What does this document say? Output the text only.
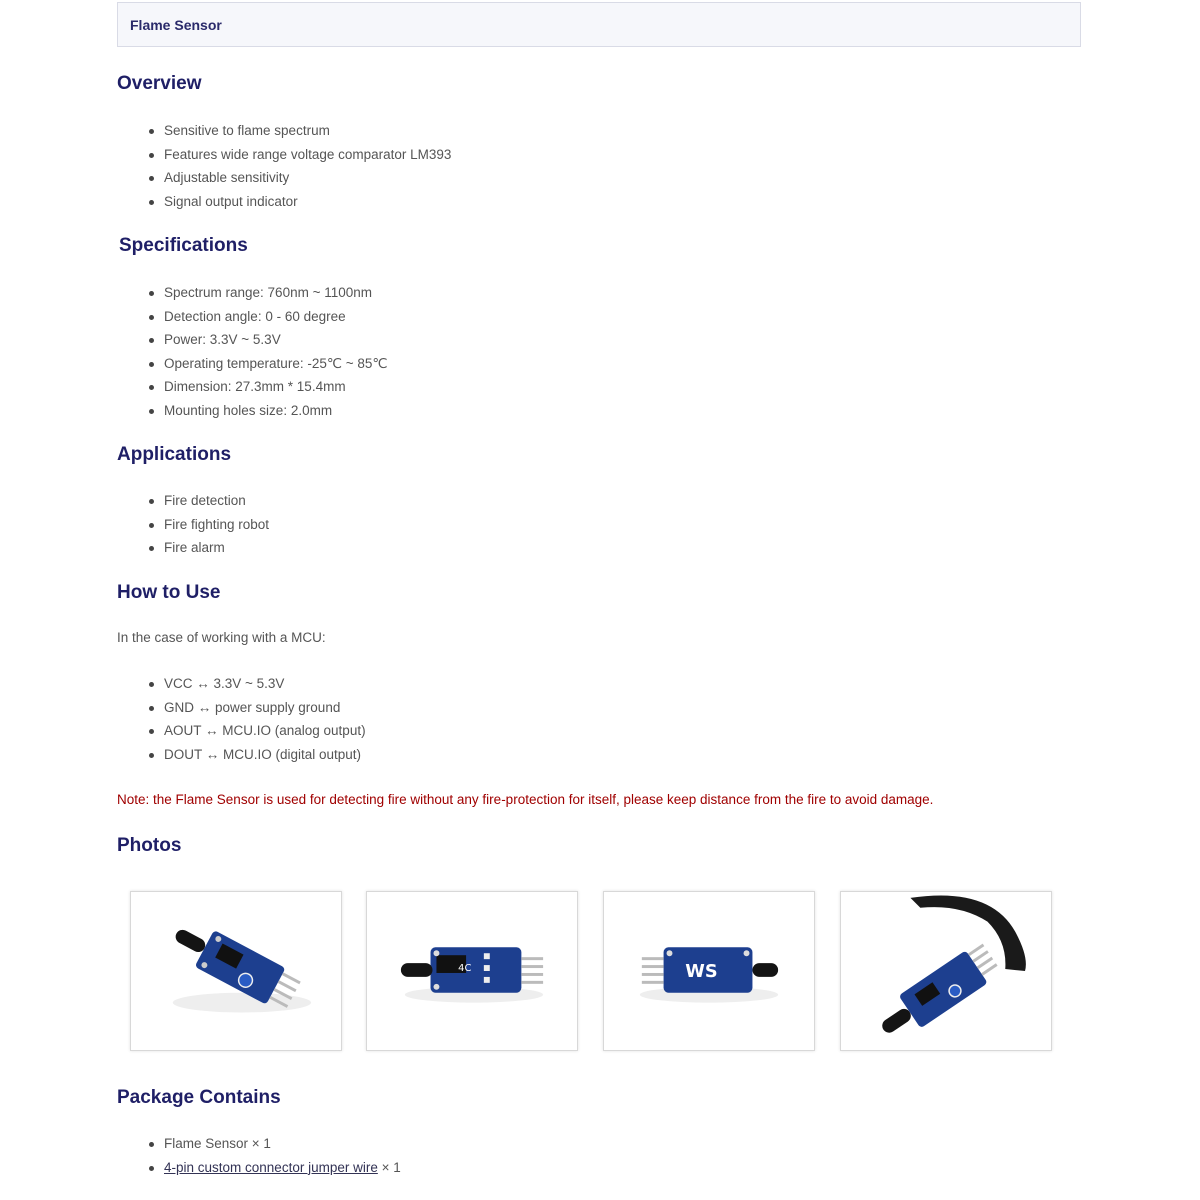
Flame Sensor
Overview
Sensitive to flame spectrum
Features wide range voltage comparator LM393
Adjustable sensitivity
Signal output indicator
Specifications
Spectrum range: 760nm ~ 1100nm
Detection angle: 0 - 60 degree
Power: 3.3V ~ 5.3V
Operating temperature: -25℃ ~ 85℃
Dimension: 27.3mm * 15.4mm
Mounting holes size: 2.0mm
Applications
Fire detection
Fire fighting robot
Fire alarm
How to Use

In the case of working with a MCU:

VCC ↔ 3.3V ~ 5.3V
GND ↔ power supply ground
AOUT ↔ MCU.IO (analog output)
DOUT ↔ MCU.IO (digital output)

Note: the Flame Sensor is used for detecting fire without any fire-protection for itself, please keep distance from the fire to avoid damage.

Photos
4C	WS
Package Contains
Flame Sensor × 1
4-pin custom connector jumper wire × 1
